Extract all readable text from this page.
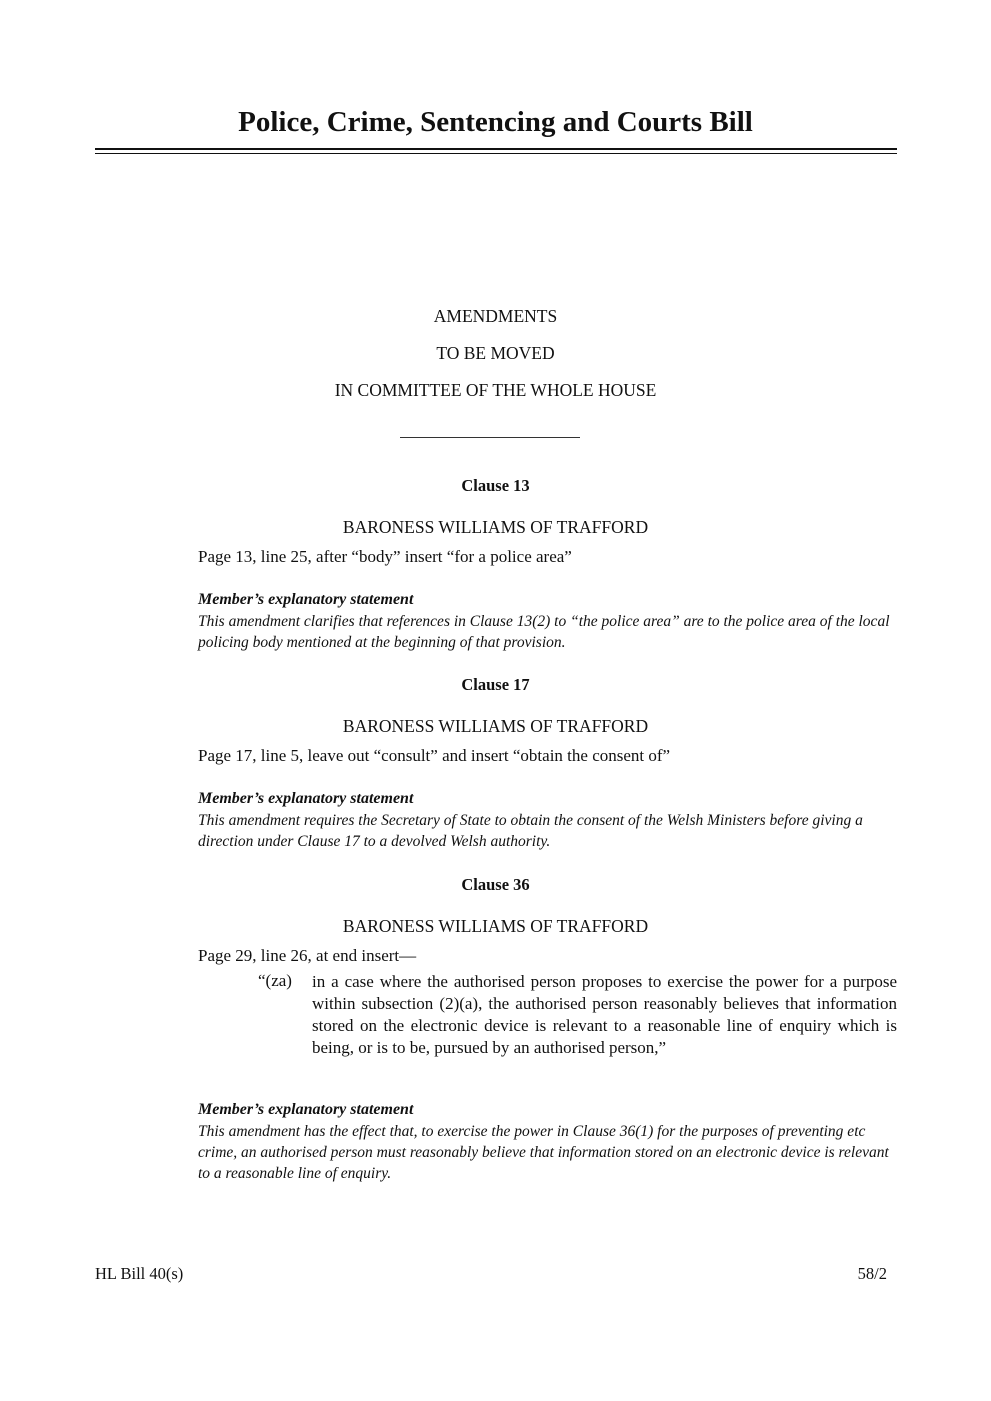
Police, Crime, Sentencing and Courts Bill
AMENDMENTS
TO BE MOVED
IN COMMITTEE OF THE WHOLE HOUSE
Clause 13
BARONESS WILLIAMS OF TRAFFORD
Page 13, line 25, after “body” insert “for a police area”
Member’s explanatory statement
This amendment clarifies that references in Clause 13(2) to “the police area” are to the police area of the local policing body mentioned at the beginning of that provision.
Clause 17
BARONESS WILLIAMS OF TRAFFORD
Page 17, line 5, leave out “consult” and insert “obtain the consent of”
Member’s explanatory statement
This amendment requires the Secretary of State to obtain the consent of the Welsh Ministers before giving a direction under Clause 17 to a devolved Welsh authority.
Clause 36
BARONESS WILLIAMS OF TRAFFORD
Page 29, line 26, at end insert—
“(za) in a case where the authorised person proposes to exercise the power for a purpose within subsection (2)(a), the authorised person reasonably believes that information stored on the electronic device is relevant to a reasonable line of enquiry which is being, or is to be, pursued by an authorised person,”
Member’s explanatory statement
This amendment has the effect that, to exercise the power in Clause 36(1) for the purposes of preventing etc crime, an authorised person must reasonably believe that information stored on an electronic device is relevant to a reasonable line of enquiry.
HL Bill 40(s)	58/2
